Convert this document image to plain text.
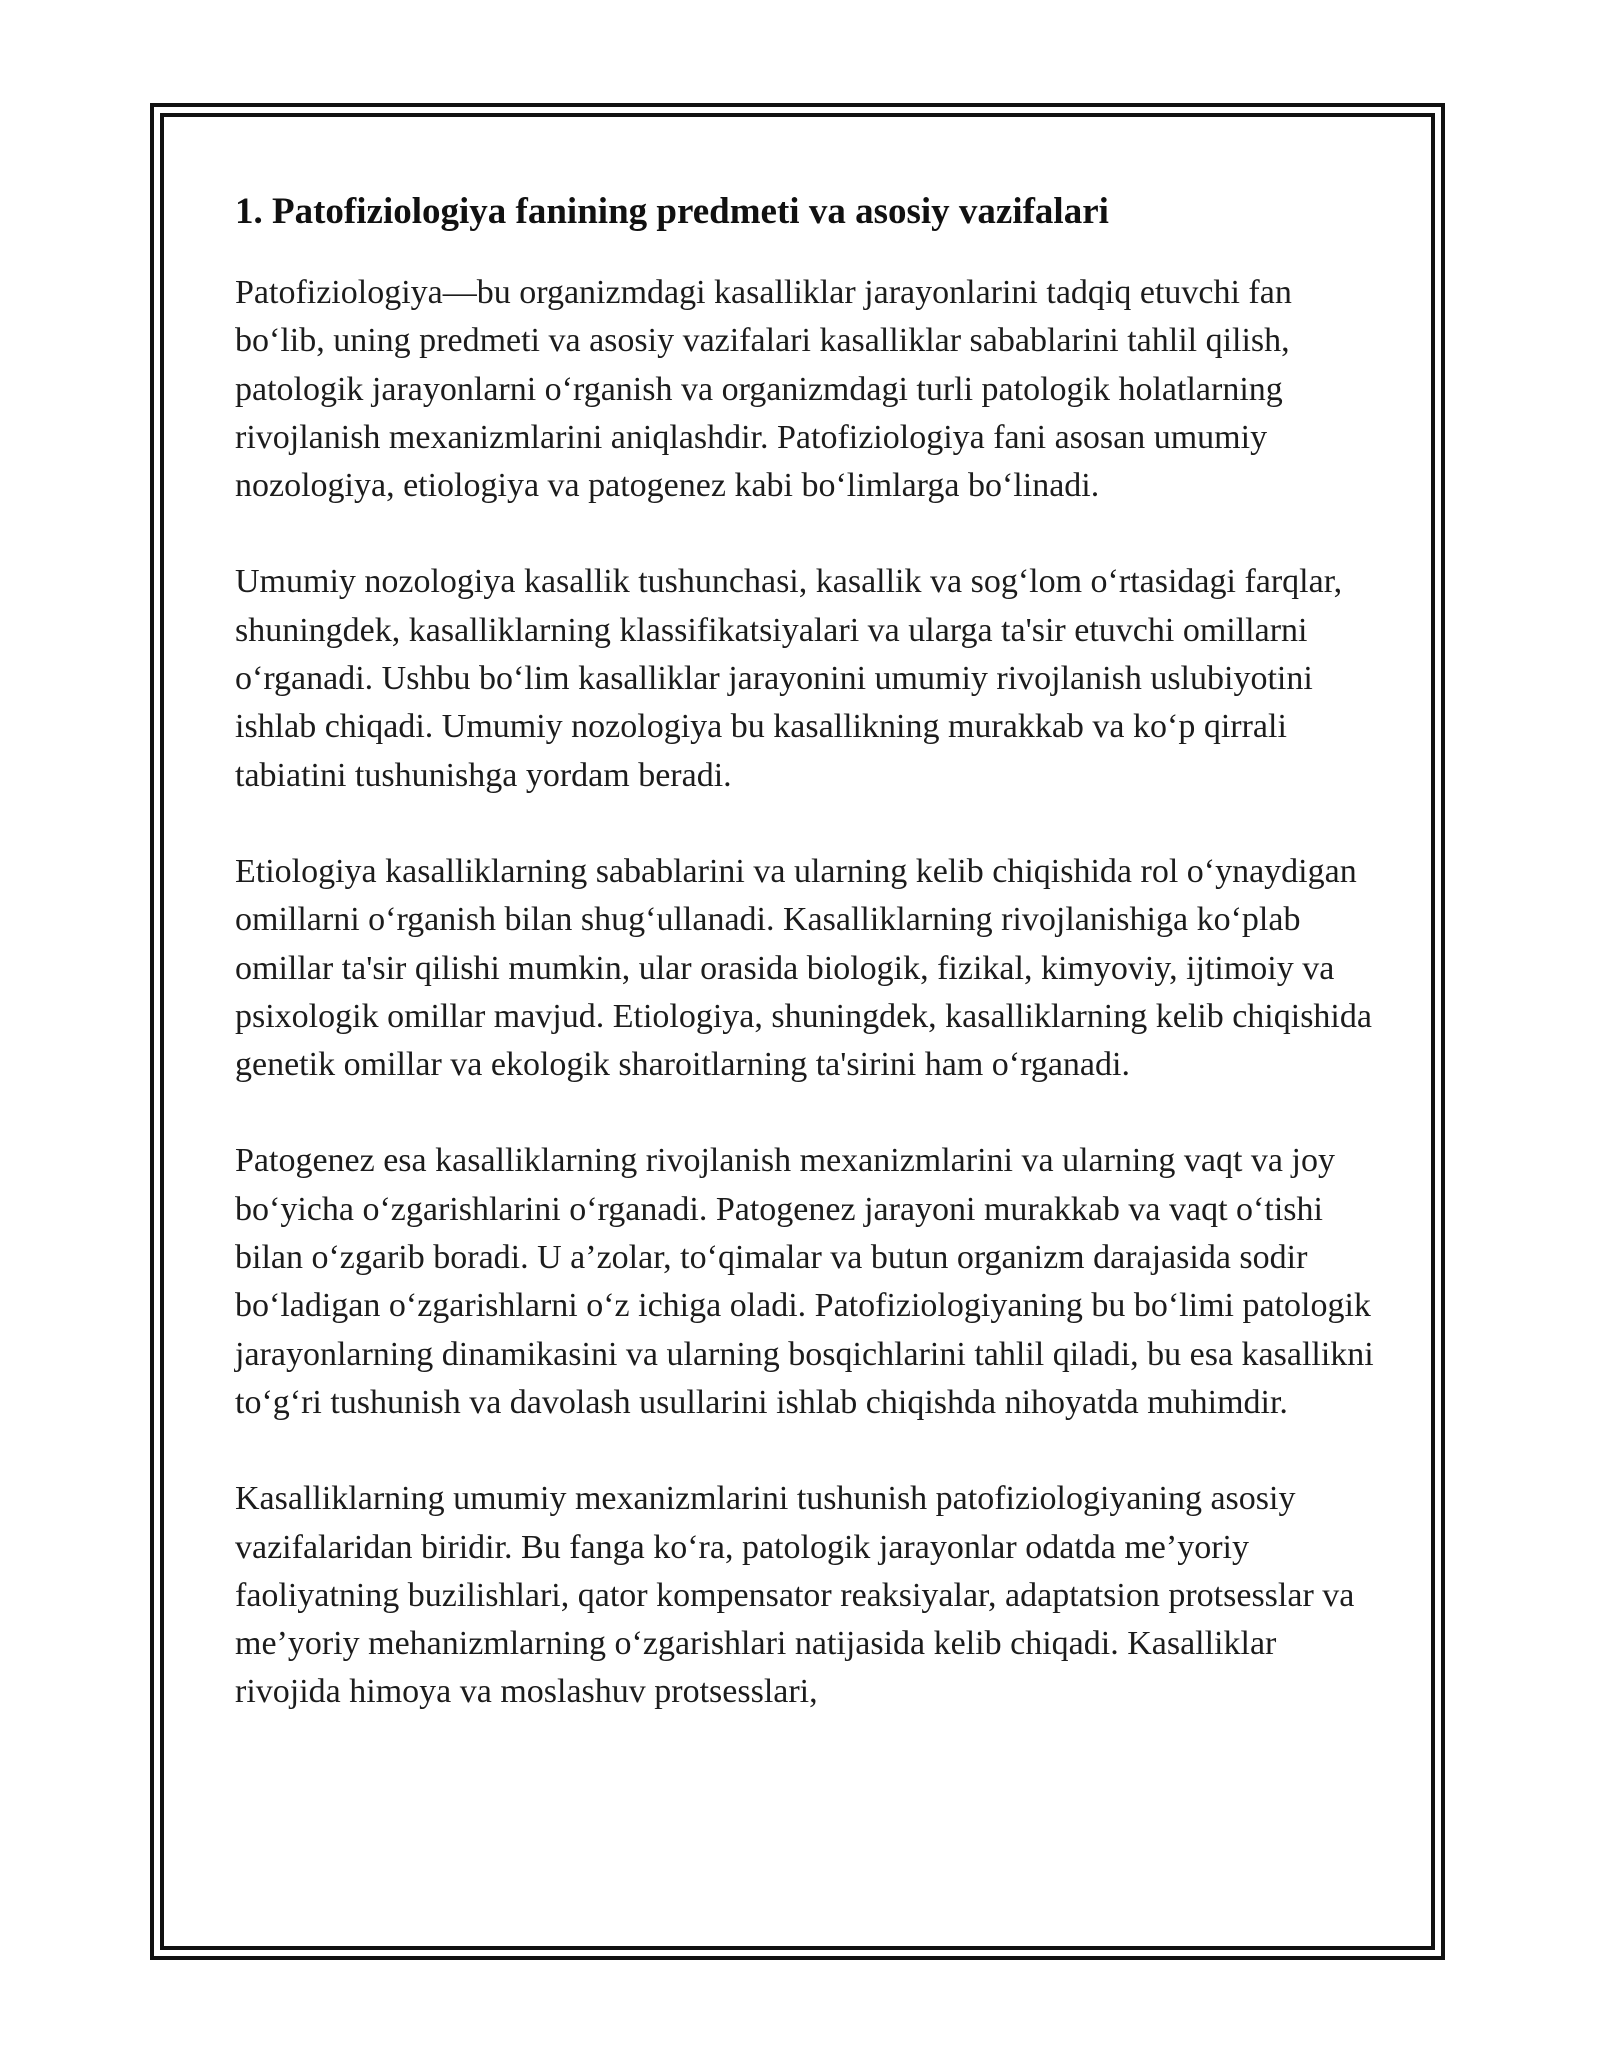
1. Patofiziologiya fanining predmeti va asosiy vazifalari

Patofiziologiya—bu organizmdagi kasalliklar jarayonlarini tadqiq etuvchi fan bo‘lib, uning predmeti va asosiy vazifalari kasalliklar sabablarini tahlil qilish, patologik jarayonlarni o‘rganish va organizmdagi turli patologik holatlarning rivojlanish mexanizmlarini aniqlashdir. Patofiziologiya fani asosan umumiy nozologiya, etiologiya va patogenez kabi bo‘limlarga bo‘linadi.

Umumiy nozologiya kasallik tushunchasi, kasallik va sog‘lom o‘rtasidagi farqlar, shuningdek, kasalliklarning klassifikatsiyalari va ularga ta'sir etuvchi omillarni o‘rganadi. Ushbu bo‘lim kasalliklar jarayonini umumiy rivojlanish uslubiyotini ishlab chiqadi. Umumiy nozologiya bu kasallikning murakkab va ko‘p qirrali tabiatini tushunishga yordam beradi.

Etiologiya kasalliklarning sabablarini va ularning kelib chiqishida rol o‘ynaydigan omillarni o‘rganish bilan shug‘ullanadi. Kasalliklarning rivojlanishiga ko‘plab omillar ta'sir qilishi mumkin, ular orasida biologik, fizikal, kimyoviy, ijtimoiy va psixologik omillar mavjud. Etiologiya, shuningdek, kasalliklarning kelib chiqishida genetik omillar va ekologik sharoitlarning ta'sirini ham o‘rganadi.

Patogenez esa kasalliklarning rivojlanish mexanizmlarini va ularning vaqt va joy bo‘yicha o‘zgarishlarini o‘rganadi. Patogenez jarayoni murakkab va vaqt o‘tishi bilan o‘zgarib boradi. U a’zolar, to‘qimalar va butun organizm darajasida sodir bo‘ladigan o‘zgarishlarni o‘z ichiga oladi. Patofiziologiyaning bu bo‘limi patologik jarayonlarning dinamikasini va ularning bosqichlarini tahlil qiladi, bu esa kasallikni to‘g‘ri tushunish va davolash usullarini ishlab chiqishda nihoyatda muhimdir.

Kasalliklarning umumiy mexanizmlarini tushunish patofiziologiyaning asosiy vazifalaridan biridir. Bu fanga ko‘ra, patologik jarayonlar odatda me’yoriy faoliyatning buzilishlari, qator kompensator reaksiyalar, adaptatsion protsesslar va me’yoriy mehanizmlarning o‘zgarishlari natijasida kelib chiqadi. Kasalliklar rivojida himoya va moslashuv protsesslari,
